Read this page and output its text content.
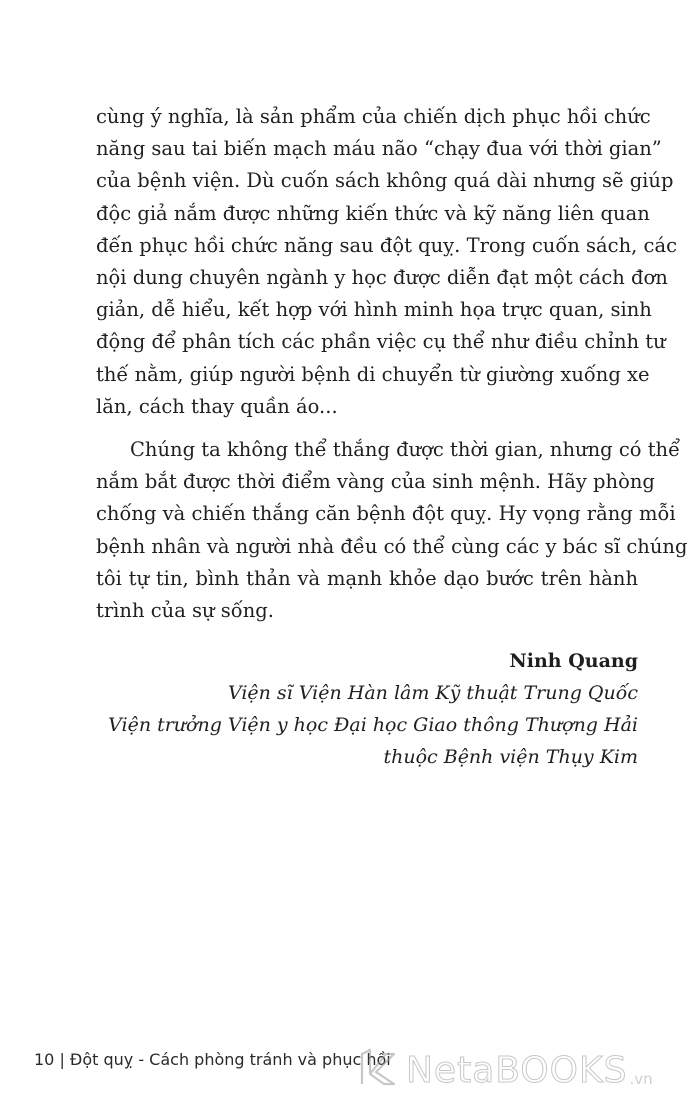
cùng ý nghĩa, là sản phẩm của chiến dịch phục hồi chức
năng sau tai biến mạch máu não “chạy đua với thời gian”
của bệnh viện. Dù cuốn sách không quá dài nhưng sẽ giúp
độc giả nắm được những kiến thức và kỹ năng liên quan
đến phục hồi chức năng sau đột quỵ. Trong cuốn sách, các
nội dung chuyên ngành y học được diễn đạt một cách đơn
giản, dễ hiểu, kết hợp với hình minh họa trực quan, sinh
động để phân tích các phần việc cụ thể như điều chỉnh tư
thế nằm, giúp người bệnh di chuyển từ giường xuống xe
lăn, cách thay quần áo...
Chúng ta không thể thắng được thời gian, nhưng có thể
nắm bắt được thời điểm vàng của sinh mệnh. Hãy phòng
chống và chiến thắng căn bệnh đột quỵ. Hy vọng rằng mỗi
bệnh nhân và người nhà đều có thể cùng các y bác sĩ chúng
tôi tự tin, bình thản và mạnh khỏe dạo bước trên hành
trình của sự sống.
Ninh Quang
Viện sĩ Viện Hàn lâm Kỹ thuật Trung Quốc
Viện trưởng Viện y học Đại học Giao thông Thượng Hải
thuộc Bệnh viện Thụy Kim
10 | Đột quỵ - Cách phòng tránh và phục hồi NetaBOOKS .vn
